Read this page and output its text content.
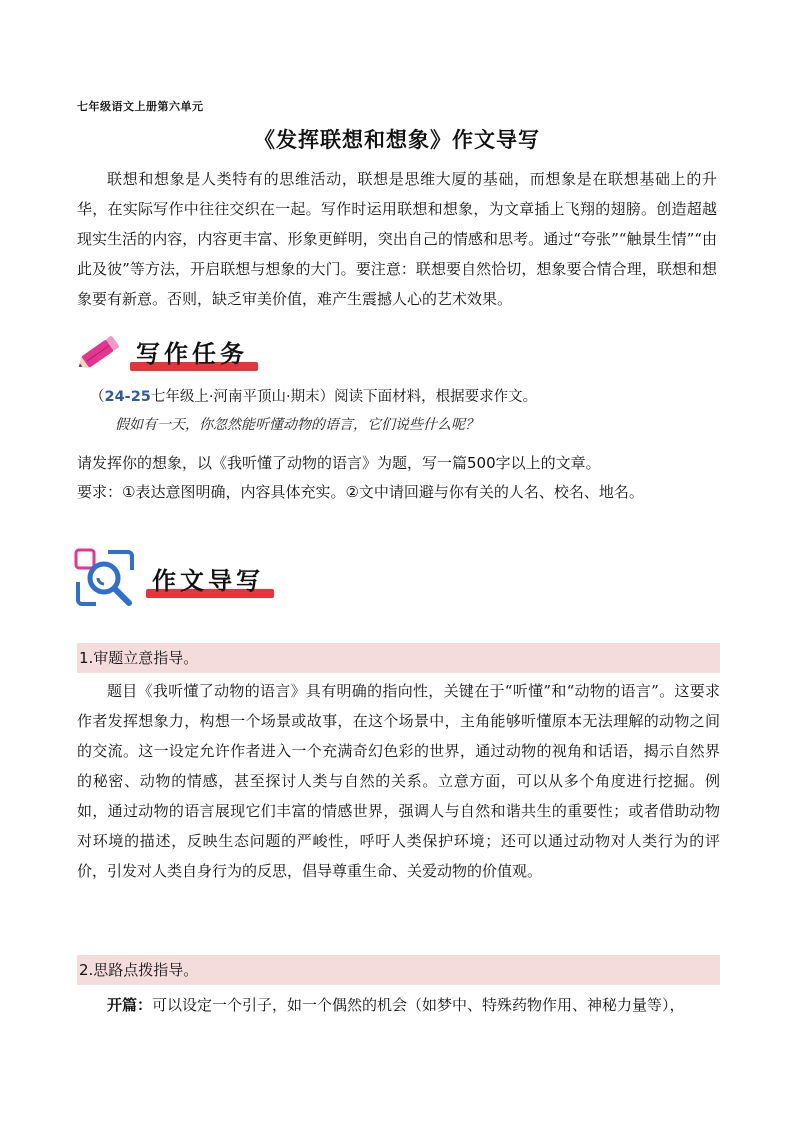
七年级语文上册第六单元
《发挥联想和想象》作文导写

联想和想象是人类特有的思维活动，联想是思维大厦的基础，而想象是在联想基础上的升华，在实际写作中往往交织在一起。写作时运用联想和想象，为文章插上飞翔的翅膀。创造超越现实生活的内容，内容更丰富、形象更鲜明，突出自己的情感和思考。通过“夸张”“触景生情”“由此及彼”等方法，开启联想与想象的大门。要注意：联想要自然恰切，想象要合情合理，联想和想象要有新意。否则，缺乏审美价值，难产生震撼人心的艺术效果。

写作任务
（24-25七年级上·河南平顶山·期末）阅读下面材料，根据要求作文。
假如有一天，你忽然能听懂动物的语言，它们说些什么呢？
请发挥你的想象，以《我听懂了动物的语言》为题，写一篇500字以上的文章。
要求：①表达意图明确，内容具体充实。②文中请回避与你有关的人名、校名、地名。
作文导写
1.审题立意指导。

题目《我听懂了动物的语言》具有明确的指向性，关键在于“听懂”和“动物的语言”。这要求作者发挥想象力，构想一个场景或故事，在这个场景中，主角能够听懂原本无法理解的动物之间的交流。这一设定允许作者进入一个充满奇幻色彩的世界，通过动物的视角和话语，揭示自然界的秘密、动物的情感，甚至探讨人类与自然的关系。立意方面，可以从多个角度进行挖掘。例如，通过动物的语言展现它们丰富的情感世界，强调人与自然和谐共生的重要性；或者借助动物对环境的描述，反映生态问题的严峻性，呼吁人类保护环境；还可以通过动物对人类行为的评价，引发对人类自身行为的反思，倡导尊重生命、关爱动物的价值观。

2.思路点拨指导。

开篇：可以设定一个引子，如一个偶然的机会（如梦中、特殊药物作用、神秘力量等），
